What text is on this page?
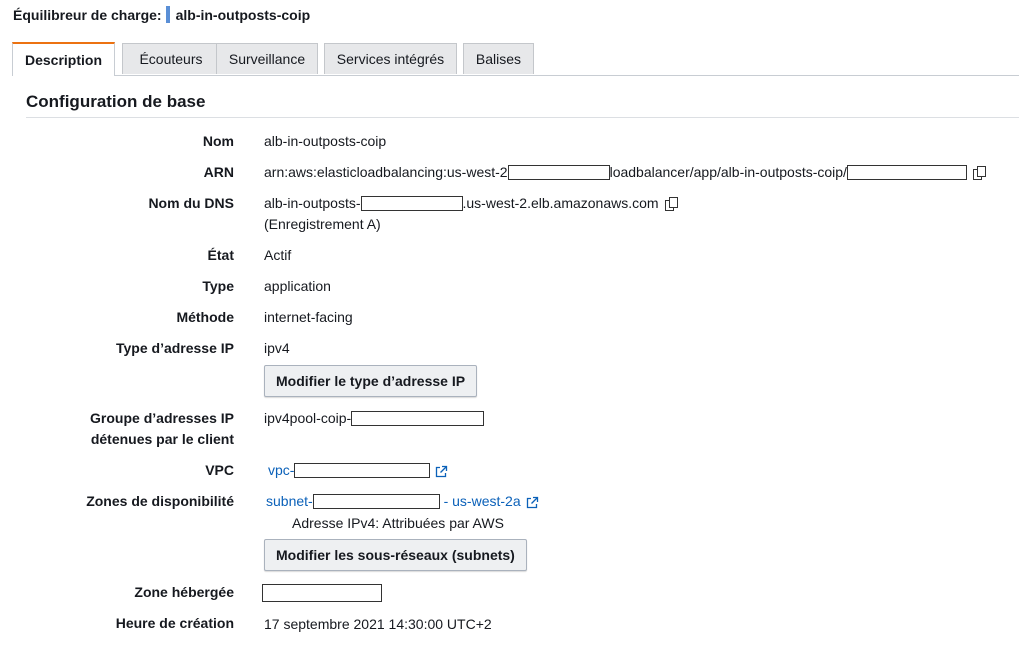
Équilibreur de charge: alb-in-outposts-coip
Description	Écouteurs	Surveillance	Services intégrés	Balises
Configuration de base
Nom alb-in-outposts-coip
ARN arn:aws:elasticloadbalancing:us-west-2	loadbalancer/app/alb-in-outposts-coip/
Nom du DNS alb-in-outposts-	.us-west-2.elb.amazonaws.com
(Enregistrement A)
État Actif
Type application
Méthode internet-facing
Type d’adresse IP ipv4
Modifier le type d’adresse IP
Groupe d’adresses IP
détenues par le client
ipv4pool-coip-
VPC vpc-
Zones de disponibilité subnet-	- us-west-2a
Adresse IPv4: Attribuées par AWS
Modifier les sous-réseaux (subnets)
Zone hébergée
Heure de création 17 septembre 2021 14:30:00 UTC+2
